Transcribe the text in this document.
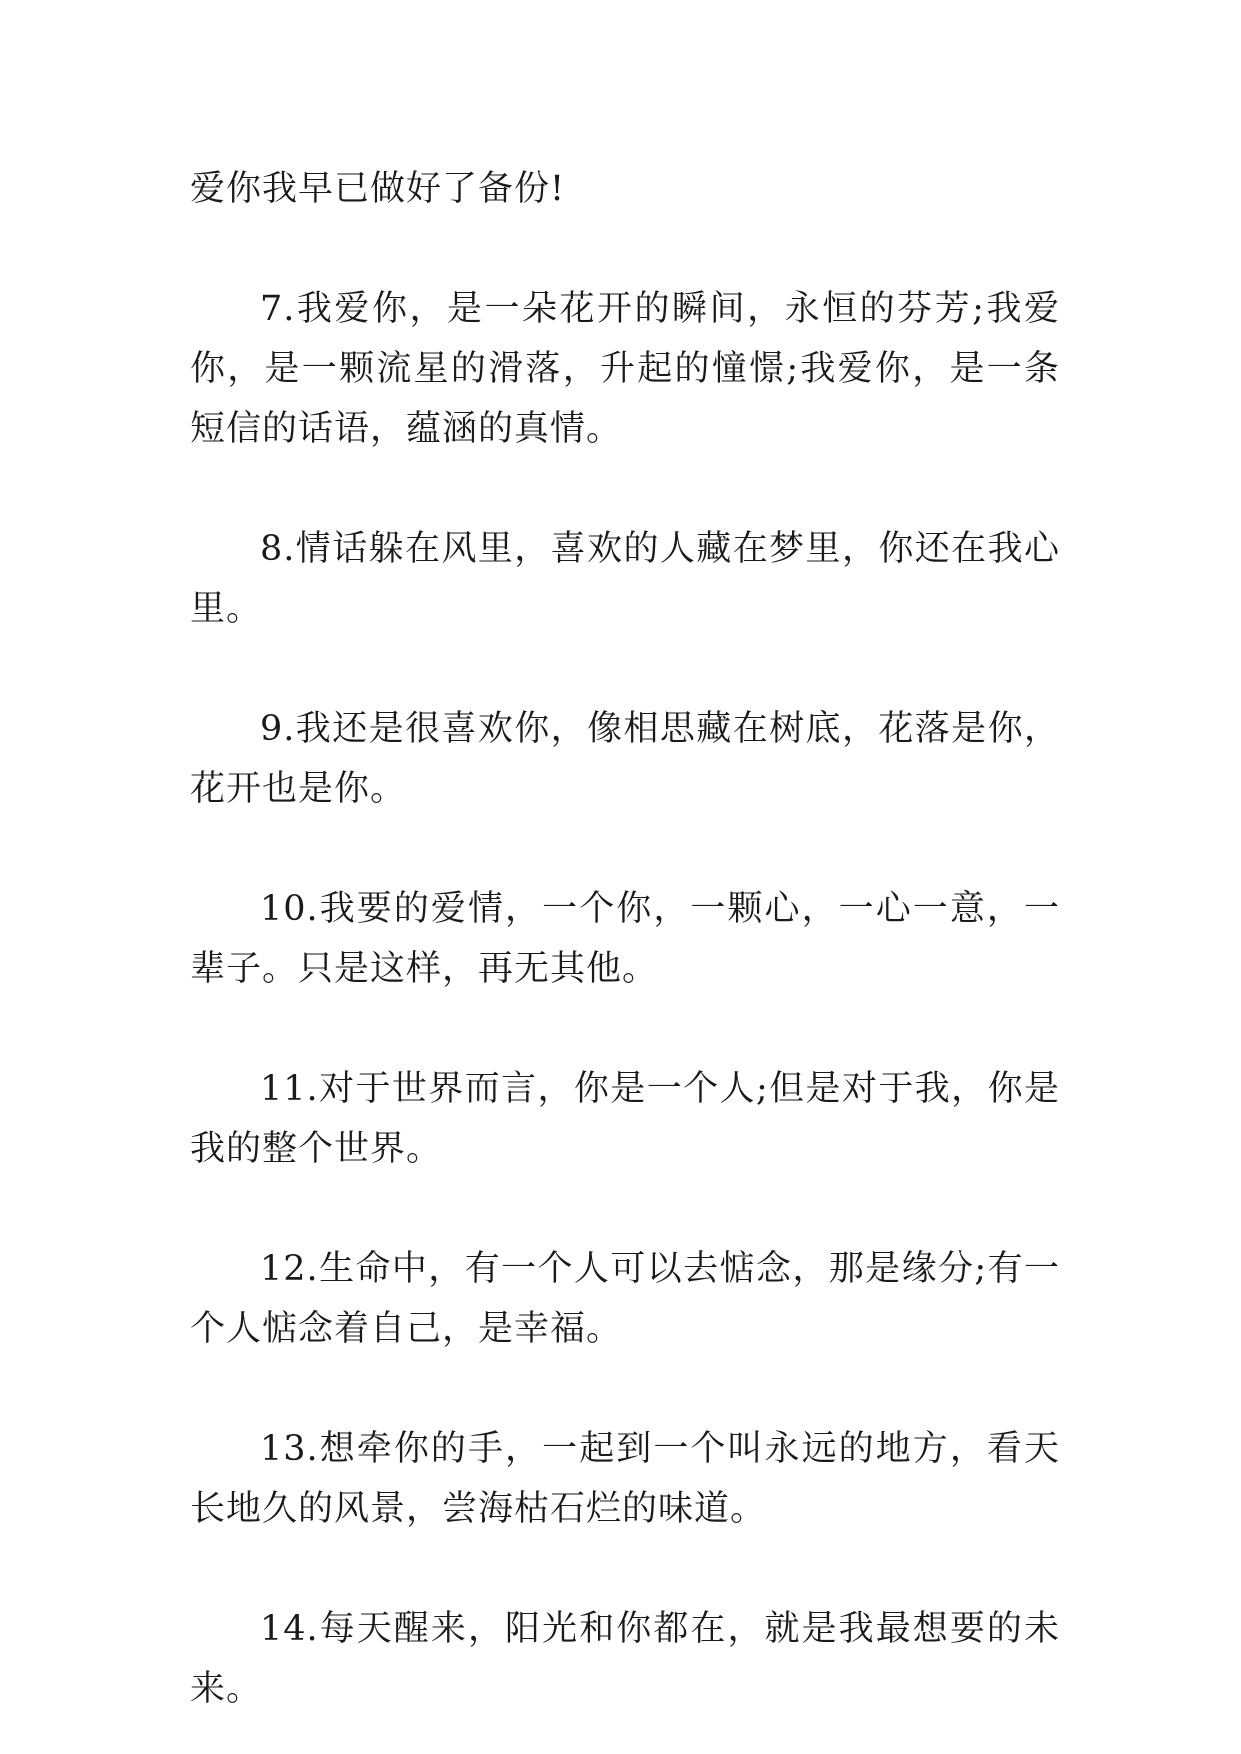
爱你我早已做好了备份!

7.我爱你，是一朵花开的瞬间，永恒的芬芳;我爱你，是一颗流星的滑落，升起的憧憬;我爱你，是一条短信的话语，蕴涵的真情。

8.情话躲在风里，喜欢的人藏在梦里，你还在我心里。

9.我还是很喜欢你，像相思藏在树底，花落是你，花开也是你。

10.我要的爱情，一个你，一颗心，一心一意，一辈子。只是这样，再无其他。

11.对于世界而言，你是一个人;但是对于我，你是我的整个世界。

12.生命中，有一个人可以去惦念，那是缘分;有一个人惦念着自己，是幸福。

13.想牵你的手，一起到一个叫永远的地方，看天长地久的风景，尝海枯石烂的味道。

14.每天醒来，阳光和你都在，就是我最想要的未来。
